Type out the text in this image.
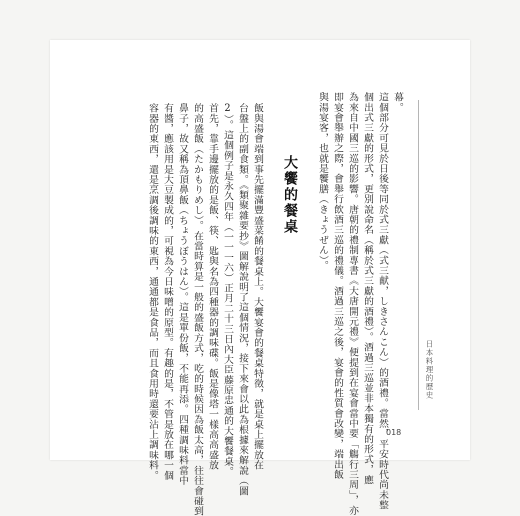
幕。
這個部分可見於日後等同於式三獻（式三献，しきさんこん）的酒禮。當然，平安時代尚未整
個出式三獻的形式，更別說命名（稱於式三獻的酒禮）。酒過三巡並非本獨有的形式，應
為來自中國三巡的影響。唐朝的禮制專書《大唐開元禮》便提到在宴會當中要「觴行三周」，亦
即宴會舉辦之際，會舉行飲酒三巡的禮儀。酒過三巡之後，宴會的性質會改變，端出飯
與湯宴客，也就是饗膳（きょうぜん）。
大饗的餐桌
飯與湯會端到事先擺滿豐盛菜餚的餐桌上。大饗宴會的餐桌特徵，就是桌上擺放在
台盤上的副食類。《類聚雜要抄》圖解說明了這個情況，接下來會以此為根據來解說（圖
2）。這個例子是永久四年（一一一六）正月二十三日內大臣藤原忠通的大饗餐桌。
首先，靠手邊擺放的是飯、筷、匙與名為四種器的調味碟。飯是像塔一樣高高盛放
的高盛飯（たかもりめし）。在當時算是一般的盛飯方式，吃的時候因為飯太高，往往會碰到
鼻子，故又稱為頂鼻飯（ちょうぼうはん）。這是單份飯，不能再添。四種調味料當中
有醬，應該用是大豆製成的，可視為今日味噌的原型。有趣的是，不管是放在哪一個
容器的東西，還是烹調後調味的東西，通通都是食品，而且食用時還要沾上調味料。	日本料理的歷史
018
